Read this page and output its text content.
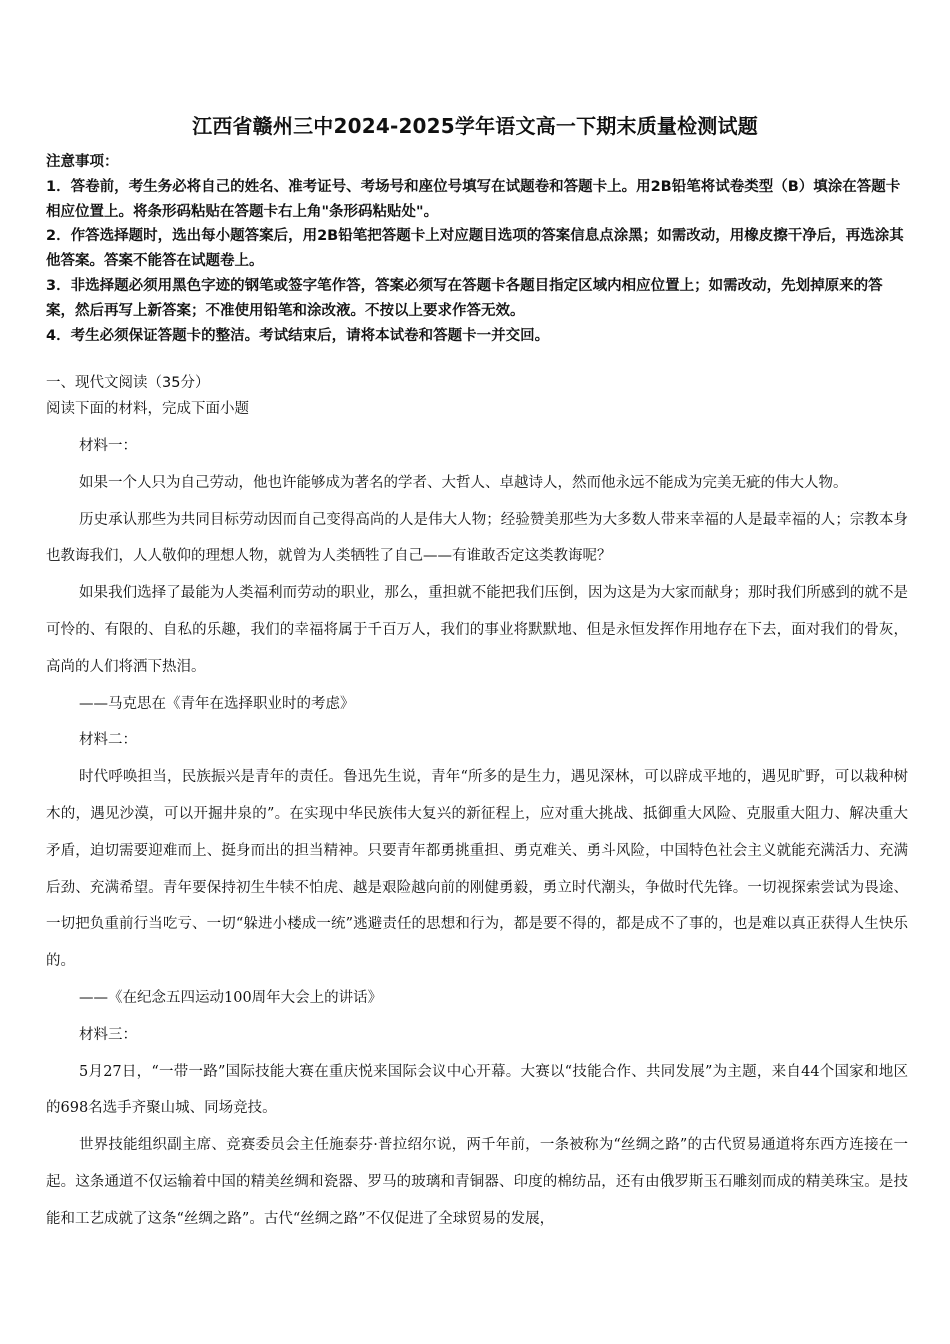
江西省赣州三中2024-2025学年语文高一下期末质量检测试题

注意事项：

1．答卷前，考生务必将自己的姓名、准考证号、考场号和座位号填写在试题卷和答题卡上。用2B铅笔将试卷类型（B）填涂在答题卡相应位置上。将条形码粘贴在答题卡右上角"条形码粘贴处"。

2．作答选择题时，选出每小题答案后，用2B铅笔把答题卡上对应题目选项的答案信息点涂黑；如需改动，用橡皮擦干净后，再选涂其他答案。答案不能答在试题卷上。

3．非选择题必须用黑色字迹的钢笔或签字笔作答，答案必须写在答题卡各题目指定区域内相应位置上；如需改动，先划掉原来的答案，然后再写上新答案；不准使用铅笔和涂改液。不按以上要求作答无效。

4．考生必须保证答题卡的整洁。考试结束后，请将本试卷和答题卡一并交回。

一、现代文阅读（35分）
阅读下面的材料，完成下面小题

材料一：

如果一个人只为自己劳动，他也许能够成为著名的学者、大哲人、卓越诗人，然而他永远不能成为完美无疵的伟大人物。

历史承认那些为共同目标劳动因而自己变得高尚的人是伟大人物；经验赞美那些为大多数人带来幸福的人是最幸福的人；宗教本身也教诲我们，人人敬仰的理想人物，就曾为人类牺牲了自己——有谁敢否定这类教诲呢？

如果我们选择了最能为人类福利而劳动的职业，那么，重担就不能把我们压倒，因为这是为大家而献身；那时我们所感到的就不是可怜的、有限的、自私的乐趣，我们的幸福将属于千百万人，我们的事业将默默地、但是永恒发挥作用地存在下去，面对我们的骨灰，高尚的人们将洒下热泪。

——马克思在《青年在选择职业时的考虑》

材料二：

时代呼唤担当，民族振兴是青年的责任。鲁迅先生说，青年“所多的是生力，遇见深林，可以辟成平地的，遇见旷野，可以栽种树木的，遇见沙漠，可以开掘井泉的”。在实现中华民族伟大复兴的新征程上，应对重大挑战、抵御重大风险、克服重大阻力、解决重大矛盾，迫切需要迎难而上、挺身而出的担当精神。只要青年都勇挑重担、勇克难关、勇斗风险，中国特色社会主义就能充满活力、充满后劲、充满希望。青年要保持初生牛犊不怕虎、越是艰险越向前的刚健勇毅，勇立时代潮头，争做时代先锋。一切视探索尝试为畏途、一切把负重前行当吃亏、一切“躲进小楼成一统”逃避责任的思想和行为，都是要不得的，都是成不了事的，也是难以真正获得人生快乐的。

——《在纪念五四运动100周年大会上的讲话》

材料三：

5月27日，“一带一路”国际技能大赛在重庆悦来国际会议中心开幕。大赛以“技能合作、共同发展”为主题，来自44个国家和地区的698名选手齐聚山城、同场竞技。

世界技能组织副主席、竞赛委员会主任施泰芬·普拉绍尔说，两千年前，一条被称为“丝绸之路”的古代贸易通道将东西方连接在一起。这条通道不仅运输着中国的精美丝绸和瓷器、罗马的玻璃和青铜器、印度的棉纺品，还有由俄罗斯玉石雕刻而成的精美珠宝。是技能和工艺成就了这条“丝绸之路”。古代“丝绸之路”不仅促进了全球贸易的发展，
